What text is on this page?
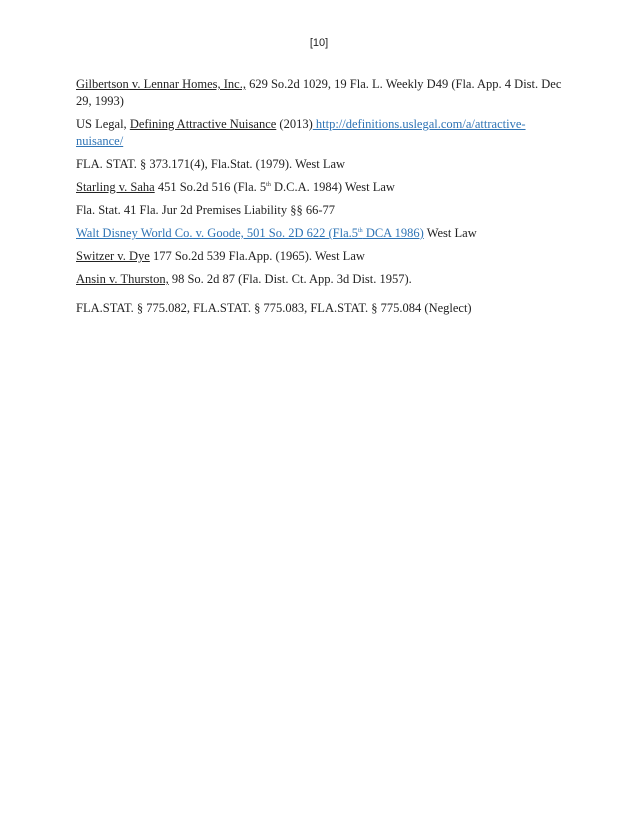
[10]
Gilbertson v. Lennar Homes, Inc., 629 So.2d 1029, 19 Fla. L. Weekly D49 (Fla. App. 4 Dist. Dec 29, 1993)
US Legal, Defining Attractive Nuisance (2013) http://definitions.uslegal.com/a/attractive-nuisance/
FLA. STAT. § 373.171(4), Fla.Stat. (1979). West Law
Starling v. Saha 451 So.2d 516 (Fla. 5th D.C.A. 1984) West Law
Fla. Stat. 41 Fla. Jur 2d Premises Liability §§ 66-77
Walt Disney World Co. v. Goode, 501 So. 2D 622 (Fla.5th DCA 1986) West Law
Switzer v. Dye 177 So.2d 539 Fla.App. (1965). West Law
Ansin v. Thurston, 98 So. 2d 87 (Fla. Dist. Ct. App. 3d Dist. 1957).
FLA.STAT. § 775.082, FLA.STAT. § 775.083, FLA.STAT. § 775.084 (Neglect)
